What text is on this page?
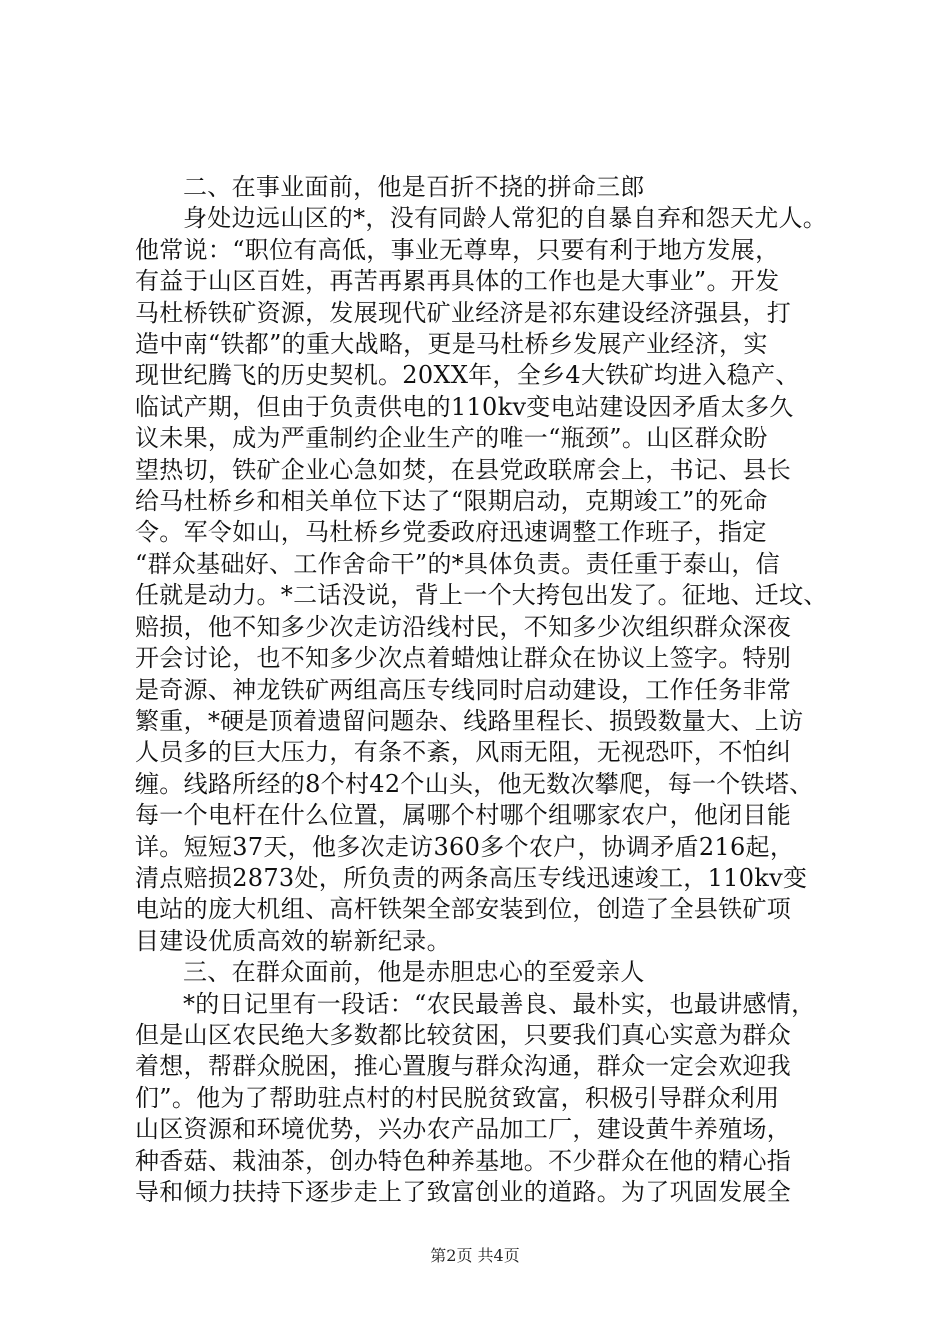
二、在事业面前，他是百折不挠的拼命三郎

身处边远山区的*，没有同龄人常犯的自暴自弃和怨天尤人。

他常说：“职位有高低，事业无尊卑，只要有利于地方发展，

有益于山区百姓，再苦再累再具体的工作也是大事业”。开发

马杜桥铁矿资源，发展现代矿业经济是祁东建设经济强县，打

造中南“铁都”的重大战略，更是马杜桥乡发展产业经济，实

现世纪腾飞的历史契机。20XX年，全乡4大铁矿均进入稳产、

临试产期，但由于负责供电的110kv变电站建设因矛盾太多久

议未果，成为严重制约企业生产的唯一“瓶颈”。山区群众盼

望热切，铁矿企业心急如焚，在县党政联席会上，书记、县长

给马杜桥乡和相关单位下达了“限期启动，克期竣工”的死命

令。军令如山，马杜桥乡党委政府迅速调整工作班子，指定

“群众基础好、工作舍命干”的*具体负责。责任重于泰山，信

任就是动力。*二话没说，背上一个大挎包出发了。征地、迁坟、

赔损，他不知多少次走访沿线村民，不知多少次组织群众深夜

开会讨论，也不知多少次点着蜡烛让群众在协议上签字。特别

是奇源、神龙铁矿两组高压专线同时启动建设，工作任务非常

繁重，*硬是顶着遗留问题杂、线路里程长、损毁数量大、上访

人员多的巨大压力，有条不紊，风雨无阻，无视恐吓，不怕纠

缠。线路所经的8个村42个山头，他无数次攀爬，每一个铁塔、

每一个电杆在什么位置，属哪个村哪个组哪家农户，他闭目能

详。短短37天，他多次走访360多个农户，协调矛盾216起，

清点赔损2873处，所负责的两条高压专线迅速竣工，110kv变

电站的庞大机组、高杆铁架全部安装到位，创造了全县铁矿项

目建设优质高效的崭新纪录。

三、在群众面前，他是赤胆忠心的至爱亲人

*的日记里有一段话：“农民最善良、最朴实，也最讲感情，

但是山区农民绝大多数都比较贫困，只要我们真心实意为群众

着想，帮群众脱困，推心置腹与群众沟通，群众一定会欢迎我

们”。他为了帮助驻点村的村民脱贫致富，积极引导群众利用

山区资源和环境优势，兴办农产品加工厂，建设黄牛养殖场，

种香菇、栽油茶，创办特色种养基地。不少群众在他的精心指

导和倾力扶持下逐步走上了致富创业的道路。为了巩固发展全

第2页 共4页
